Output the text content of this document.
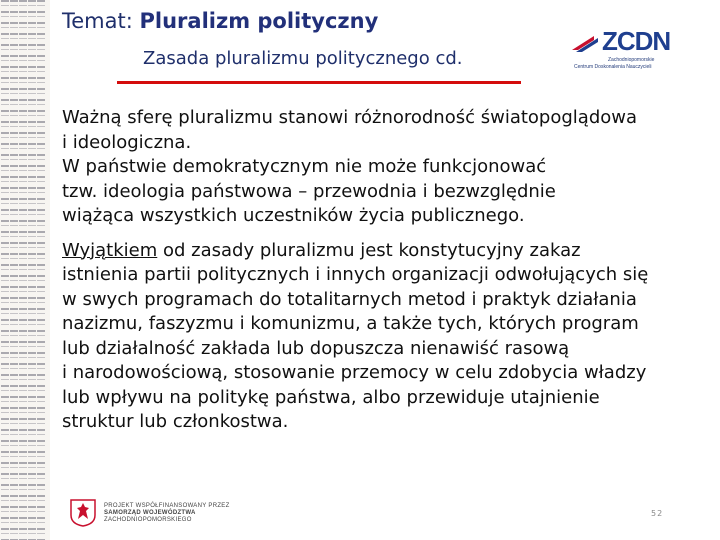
Temat: Pluralizm polityczny
Zasada pluralizmu politycznego cd.
ZCDN
Zachodniopomorskie
Centrum Doskonalenia Nauczycieli
Ważną sferę pluralizmu stanowi różnorodność światopoglądowa
i ideologiczna.
W państwie demokratycznym nie może funkcjonować
tzw. ideologia państwowa – przewodnia i bezwzględnie
wiążąca wszystkich uczestników życia publicznego.
Wyjątkiem od zasady pluralizmu jest konstytucyjny zakaz
istnienia partii politycznych i innych organizacji odwołujących się
w swych programach do totalitarnych metod i praktyk działania
nazizmu, faszyzmu i komunizmu, a także tych, których program
lub działalność zakłada lub dopuszcza nienawiść rasową
i narodowościową, stosowanie przemocy w celu zdobycia władzy
lub wpływu na politykę państwa, albo przewiduje utajnienie
struktur lub członkostwa.
PROJEKT WSPÓŁFINANSOWANY PRZEZ
SAMORZĄD WOJEWÓDZTWA
ZACHODNIOPOMORSKIEGO
52
